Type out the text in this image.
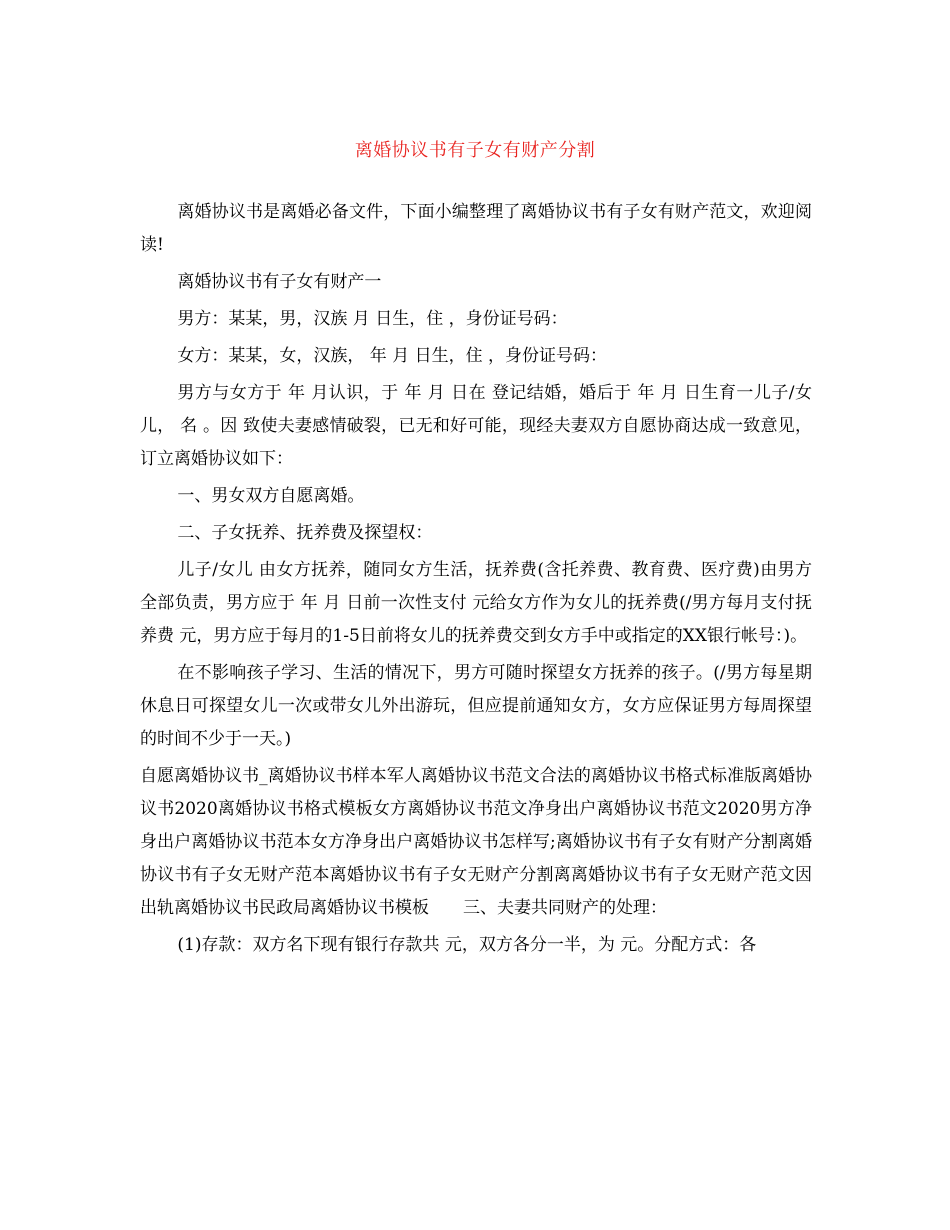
离婚协议书有子女有财产分割

离婚协议书是离婚必备文件，下面小编整理了离婚协议书有子女有财产范文，欢迎阅读!

离婚协议书有子女有财产一

男方：某某，男，汉族 月 日生，住 ，身份证号码：

女方：某某，女，汉族， 年 月 日生，住 ，身份证号码：

男方与女方于 年 月认识，于 年 月 日在 登记结婚，婚后于 年 月 日生育一儿子/女儿， 名 。因 致使夫妻感情破裂，已无和好可能，现经夫妻双方自愿协商达成一致意见，订立离婚协议如下：

一、男女双方自愿离婚。

二、子女抚养、抚养费及探望权：

儿子/女儿 由女方抚养，随同女方生活，抚养费(含托养费、教育费、医疗费)由男方全部负责，男方应于 年 月 日前一次性支付 元给女方作为女儿的抚养费(/男方每月支付抚养费 元，男方应于每月的1-5日前将女儿的抚养费交到女方手中或指定的XX银行帐号：)。

在不影响孩子学习、生活的情况下，男方可随时探望女方抚养的孩子。(/男方每星期休息日可探望女儿一次或带女儿外出游玩，但应提前通知女方，女方应保证男方每周探望的时间不少于一天。)

自愿离婚协议书_离婚协议书样本军人离婚协议书范文合法的离婚协议书格式标准版离婚协议书2020离婚协议书格式模板女方离婚协议书范文净身出户离婚协议书范文2020男方净身出户离婚协议书范本女方净身出户离婚协议书怎样写;离婚协议书有子女有财产分割离婚协议书有子女无财产范本离婚协议书有子女无财产分割离离婚协议书有子女无财产范文因出轨离婚协议书民政局离婚协议书模板　　三、夫妻共同财产的处理：

(1)存款：双方名下现有银行存款共 元，双方各分一半，为 元。分配方式：各
